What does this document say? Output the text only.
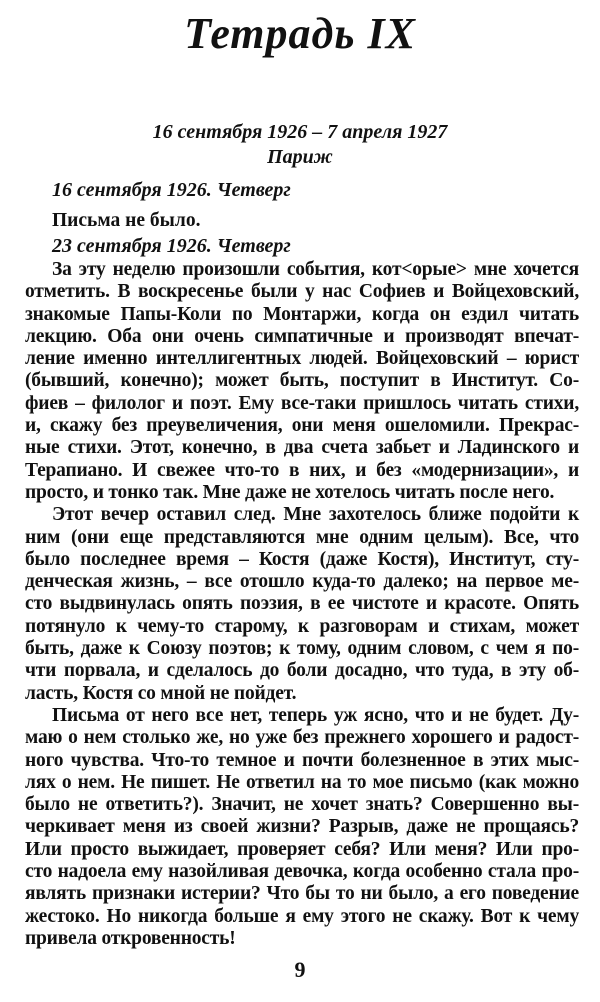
Тетрадь IX
16 сентября 1926 – 7 апреля 1927
Париж
16 сентября 1926. Четверг
Письма не было.
23 сентября 1926. Четверг
За эту неделю произошли события, кот<орые> мне хочется
отметить. В воскресенье были у нас Софиев и Войцеховский,
знакомые Папы-Коли по Монтаржи, когда он ездил читать
лекцию. Оба они очень симпатичные и производят впечат-
ление именно интеллигентных людей. Войцеховский – юрист
(бывший, конечно); может быть, поступит в Институт. Со-
фиев – филолог и поэт. Ему все-таки пришлось читать стихи,
и, скажу без преувеличения, они меня ошеломили. Прекрас-
ные стихи. Этот, конечно, в два счета забьет и Ладинского и
Терапиано. И свежее что-то в них, и без «модернизации», и
просто, и тонко так. Мне даже не хотелось читать после него.
Этот вечер оставил след. Мне захотелось ближе подойти к
ним (они еще представляются мне одним целым). Все, что
было последнее время – Костя (даже Костя), Институт, сту-
денческая жизнь, – все отошло куда-то далеко; на первое ме-
сто выдвинулась опять поэзия, в ее чистоте и красоте. Опять
потянуло к чему-то старому, к разговорам и стихам, может
быть, даже к Союзу поэтов; к тому, одним словом, с чем я по-
чти порвала, и сделалось до боли досадно, что туда, в эту об-
ласть, Костя со мной не пойдет.
Письма от него все нет, теперь уж ясно, что и не будет. Ду-
маю о нем столько же, но уже без прежнего хорошего и радост-
ного чувства. Что-то темное и почти болезненное в этих мыс-
лях о нем. Не пишет. Не ответил на то мое письмо (как можно
было не ответить?). Значит, не хочет знать? Совершенно вы-
черкивает меня из своей жизни? Разрыв, даже не прощаясь?
Или просто выжидает, проверяет себя? Или меня? Или про-
сто надоела ему назойливая девочка, когда особенно стала про-
являть признаки истерии? Что бы то ни было, а его поведение
жестоко. Но никогда больше я ему этого не скажу. Вот к чему
привела откровенность!
9
